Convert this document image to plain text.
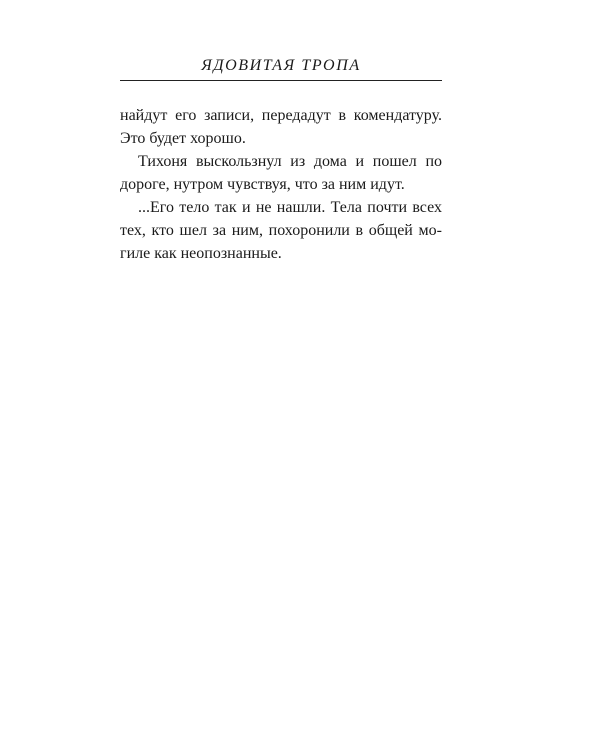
ЯДОВИТАЯ ТРОПА
найдут его записи, передадут в комендатуру.
Это будет хорошо.
Тихоня выскользнул из дома и пошел по
дороге, нутром чувствуя, что за ним идут.
...Его тело так и не нашли. Тела почти всех
тех, кто шел за ним, похоронили в общей мо-
гиле как неопознанные.
